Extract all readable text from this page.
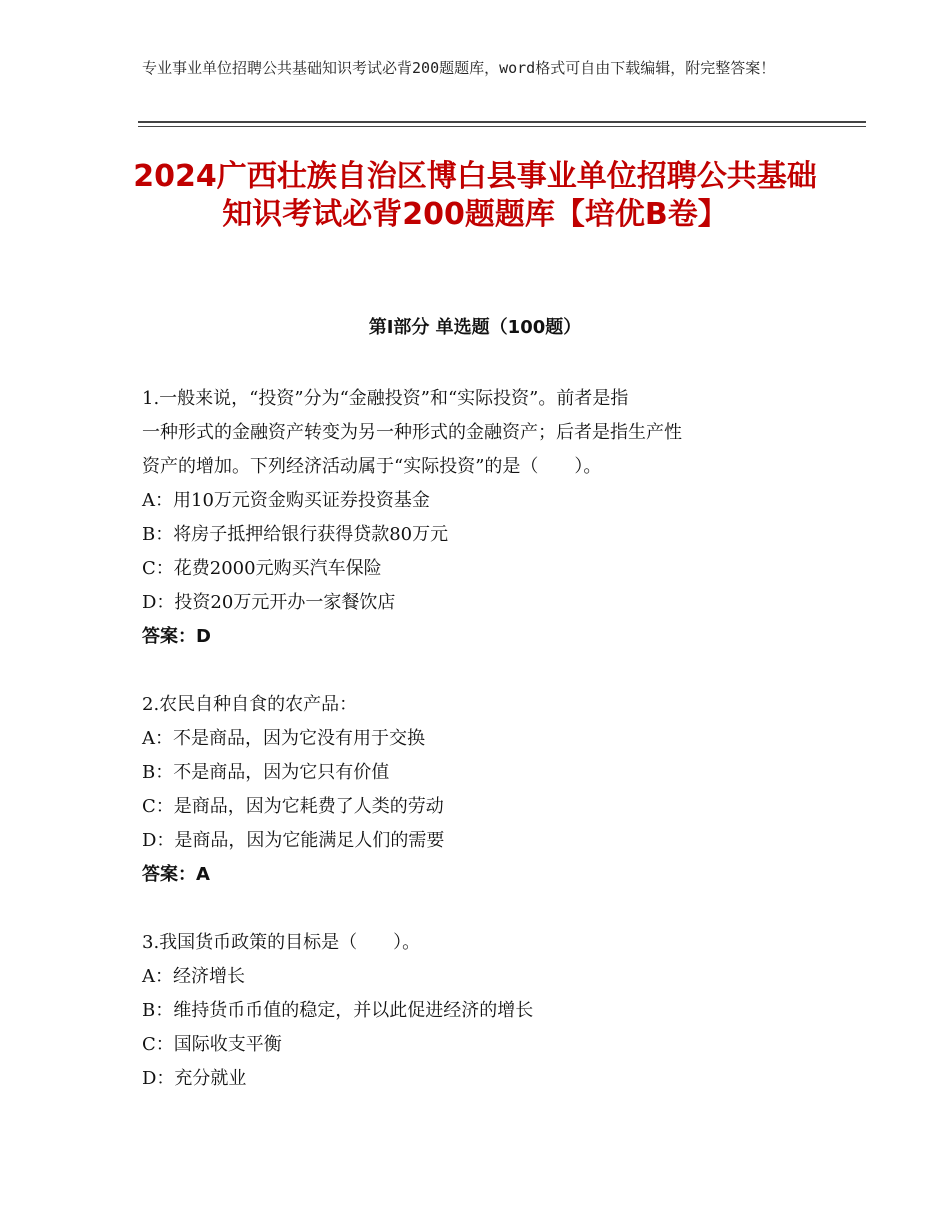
专业事业单位招聘公共基础知识考试必背200题题库，word格式可自由下载编辑，附完整答案！
2024广西壮族自治区博白县事业单位招聘公共基础知识考试必背200题题库【培优B卷】
第Ⅰ部分 单选题（100题）
1.一般来说，“投资”分为“金融投资”和“实际投资”。前者是指
一种形式的金融资产转变为另一种形式的金融资产；后者是指生产性
资产的增加。下列经济活动属于“实际投资”的是（　　）。
A：用10万元资金购买证券投资基金
B：将房子抵押给银行获得贷款80万元
C：花费2000元购买汽车保险
D：投资20万元开办一家餐饮店
答案：D
2.农民自种自食的农产品：
A：不是商品，因为它没有用于交换
B：不是商品，因为它只有价值
C：是商品，因为它耗费了人类的劳动
D：是商品，因为它能满足人们的需要
答案：A
3.我国货币政策的目标是（　　）。
A：经济增长
B：维持货币币值的稳定，并以此促进经济的增长
C：国际收支平衡
D：充分就业
